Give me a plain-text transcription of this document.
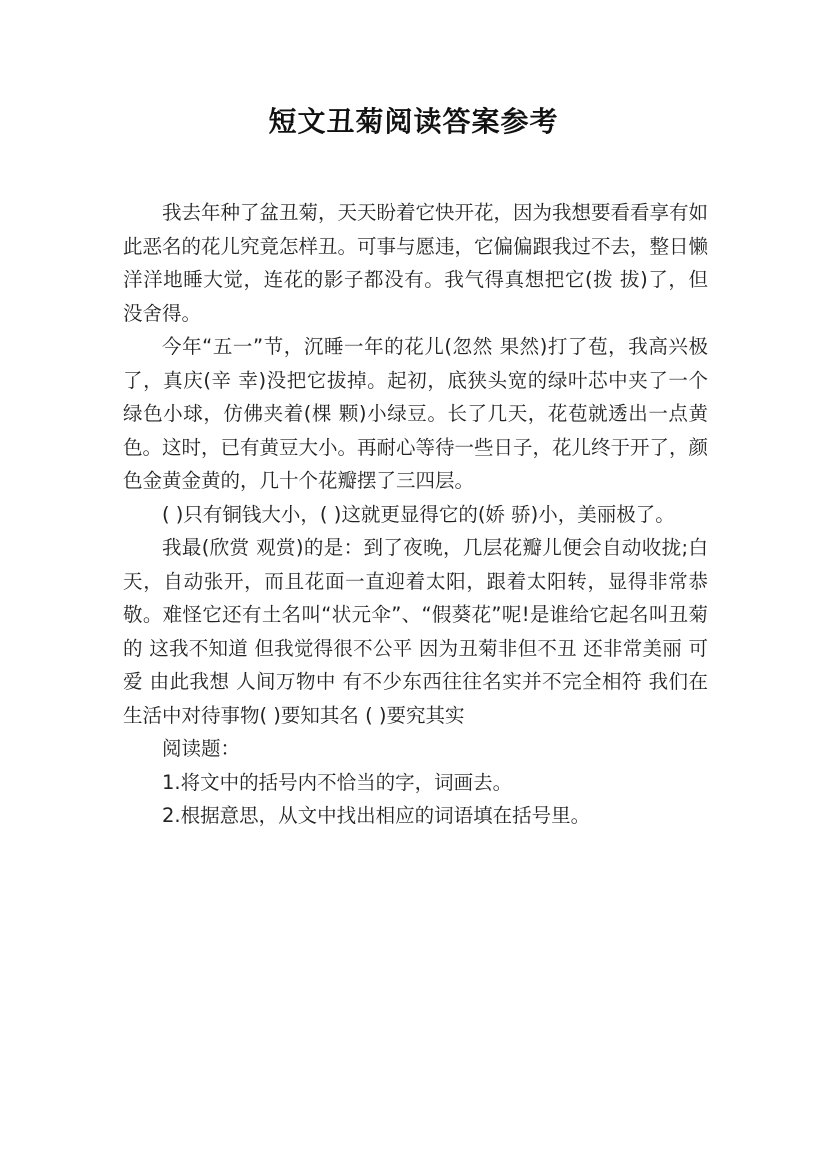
短文丑菊阅读答案参考

我去年种了盆丑菊，天天盼着它快开花，因为我想要看看享有如此恶名的花儿究竟怎样丑。可事与愿违，它偏偏跟我过不去，整日懒洋洋地睡大觉，连花的影子都没有。我气得真想把它(拨 拔)了，但没舍得。

今年“五一”节，沉睡一年的花儿(忽然 果然)打了苞，我高兴极了，真庆(辛 幸)没把它拔掉。起初，底狭头宽的绿叶芯中夹了一个绿色小球，仿佛夹着(棵 颗)小绿豆。长了几天，花苞就透出一点黄色。这时，已有黄豆大小。再耐心等待一些日子，花儿终于开了，颜色金黄金黄的，几十个花瓣摆了三四层。

( )只有铜钱大小，( )这就更显得它的(娇 骄)小，美丽极了。

我最(欣赏 观赏)的是：到了夜晚，几层花瓣儿便会自动收拢;白天，自动张开，而且花面一直迎着太阳，跟着太阳转，显得非常恭敬。难怪它还有土名叫“状元伞”、“假葵花”呢!是谁给它起名叫丑菊的 这我不知道 但我觉得很不公平 因为丑菊非但不丑 还非常美丽 可爱 由此我想 人间万物中 有不少东西往往名实并不完全相符 我们在生活中对待事物( )要知其名 ( )要究其实

阅读题：

1.将文中的括号内不恰当的字，词画去。

2.根据意思，从文中找出相应的词语填在括号里。
